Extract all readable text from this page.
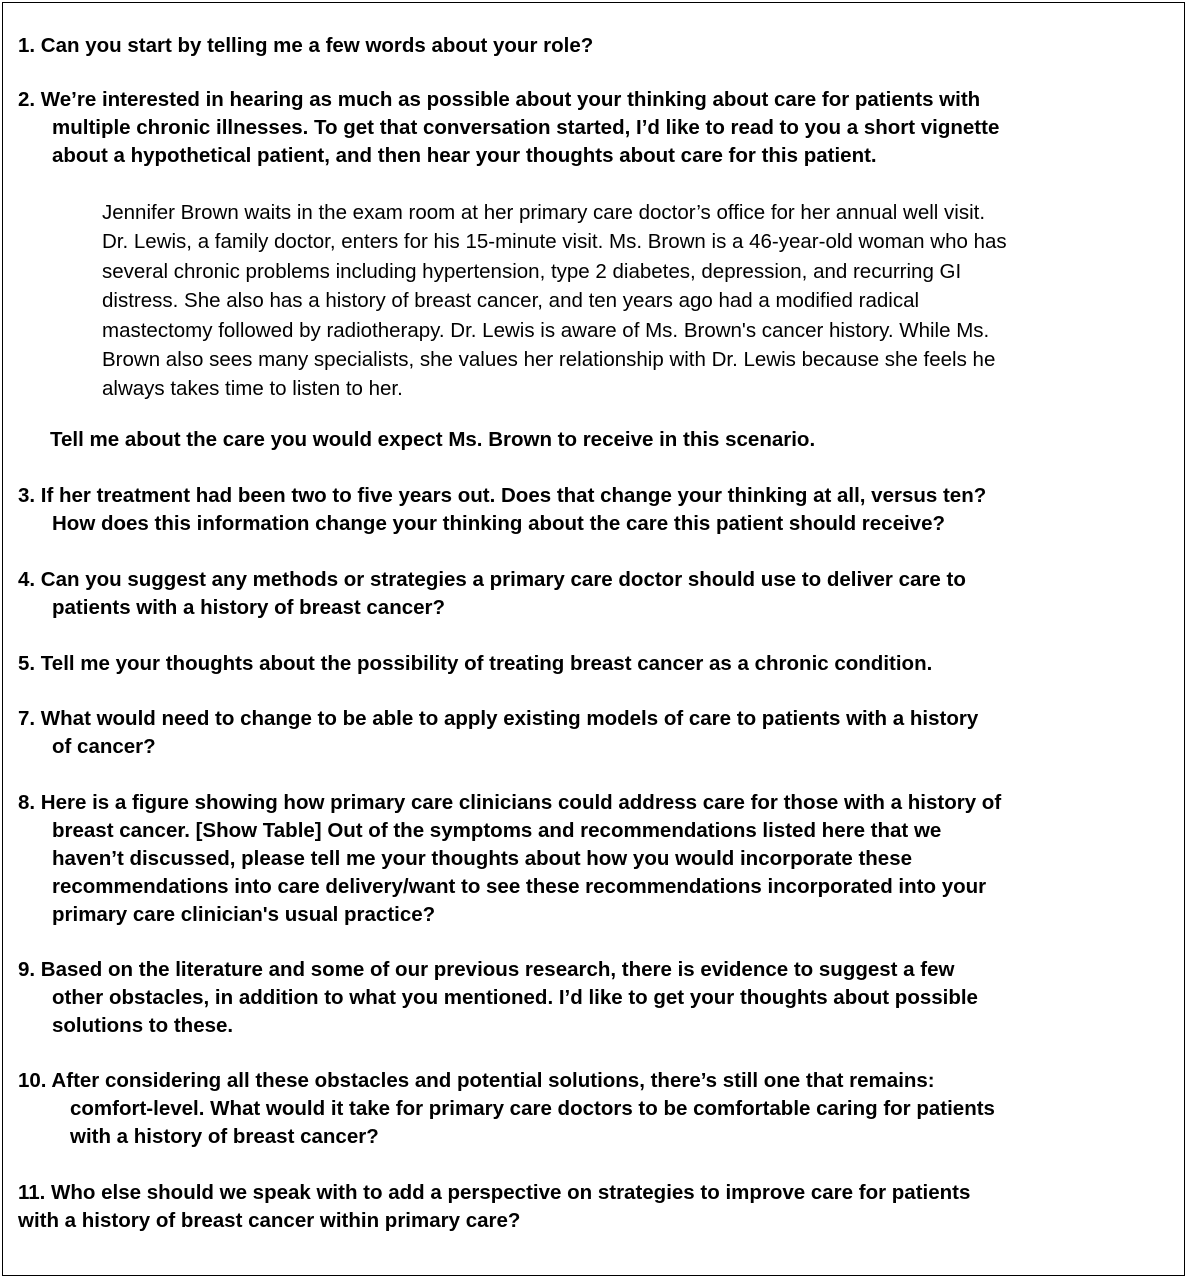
1. Can you start by telling me a few words about your role?
2. We’re interested in hearing as much as possible about your thinking about care for patients with
multiple chronic illnesses. To get that conversation started, I’d like to read to you a short vignette
about a hypothetical patient, and then hear your thoughts about care for this patient.
Jennifer Brown waits in the exam room at her primary care doctor’s office for her annual well visit.
Dr. Lewis, a family doctor, enters for his 15-minute visit. Ms. Brown is a 46-year-old woman who has
several chronic problems including hypertension, type 2 diabetes, depression, and recurring GI
distress. She also has a history of breast cancer, and ten years ago had a modified radical
mastectomy followed by radiotherapy. Dr. Lewis is aware of Ms. Brown's cancer history. While Ms.
Brown also sees many specialists, she values her relationship with Dr. Lewis because she feels he
always takes time to listen to her.
Tell me about the care you would expect Ms. Brown to receive in this scenario.
3. If her treatment had been two to five years out. Does that change your thinking at all, versus ten?
How does this information change your thinking about the care this patient should receive?
4. Can you suggest any methods or strategies a primary care doctor should use to deliver care to
patients with a history of breast cancer?
5. Tell me your thoughts about the possibility of treating breast cancer as a chronic condition.
7. What would need to change to be able to apply existing models of care to patients with a history
of cancer?
8. Here is a figure showing how primary care clinicians could address care for those with a history of
breast cancer. [Show Table] Out of the symptoms and recommendations listed here that we
haven’t discussed, please tell me your thoughts about how you would incorporate these
recommendations into care delivery/want to see these recommendations incorporated into your
primary care clinician's usual practice?
9. Based on the literature and some of our previous research, there is evidence to suggest a few
other obstacles, in addition to what you mentioned. I’d like to get your thoughts about possible
solutions to these.
10. After considering all these obstacles and potential solutions, there’s still one that remains:
comfort-level. What would it take for primary care doctors to be comfortable caring for patients
with a history of breast cancer?
11. Who else should we speak with to add a perspective on strategies to improve care for patients
with a history of breast cancer within primary care?
